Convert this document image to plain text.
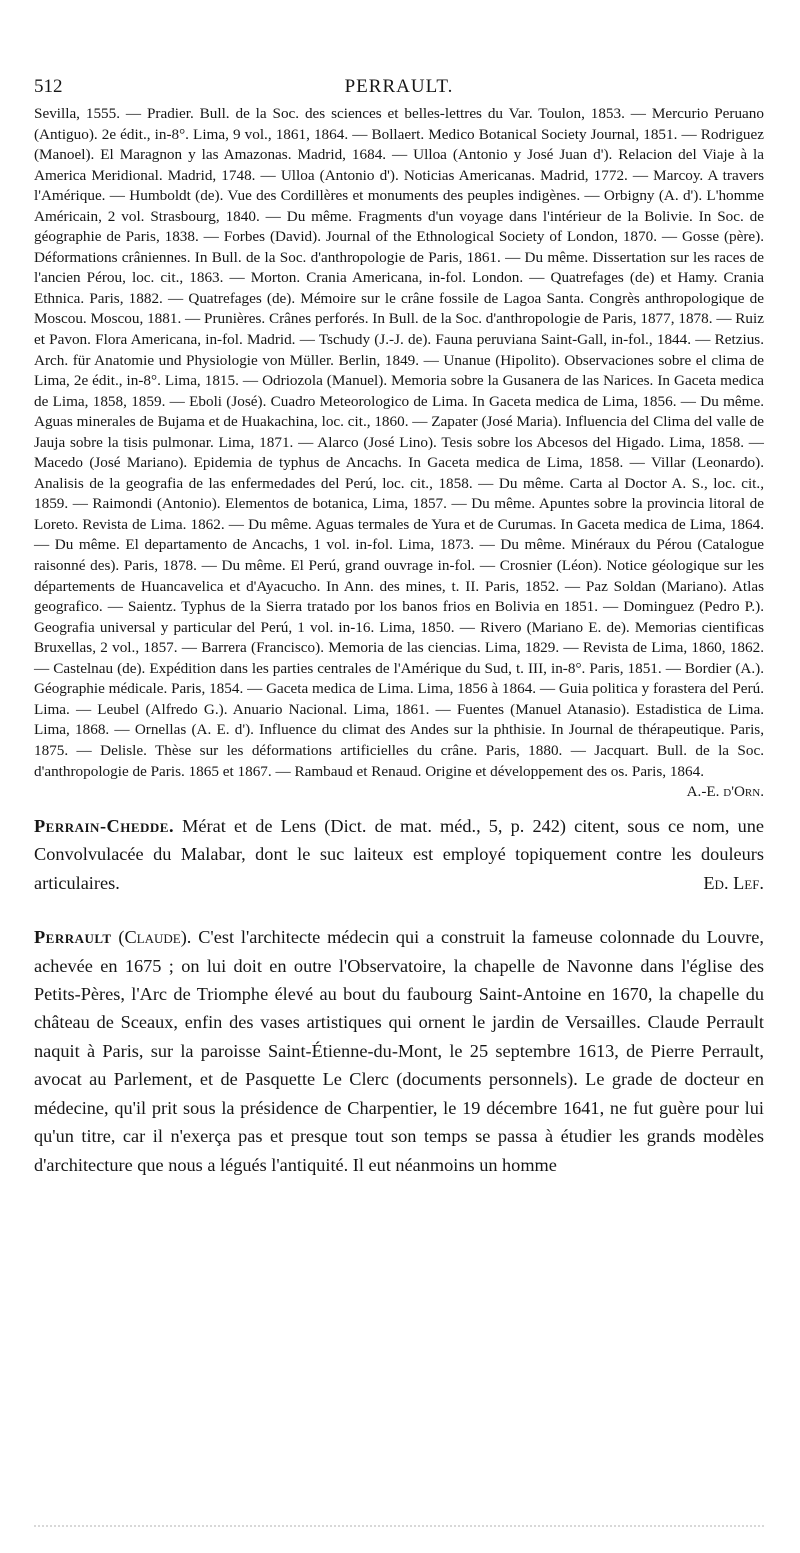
512	PERRAULT.

Sevilla, 1555. — Pradier. Bull. de la Soc. des sciences et belles-lettres du Var. Toulon, 1853. — Mercurio Peruano (Antiguo). 2e édit., in-8°. Lima, 9 vol., 1861, 1864. — Bollaert. Medico Botanical Society Journal, 1851. — Rodriguez (Manoel). El Maragnon y las Amazonas. Madrid, 1684. — Ulloa (Antonio y José Juan d'). Relacion del Viaje à la America Meridional. Madrid, 1748. — Ulloa (Antonio d'). Noticias Americanas. Madrid, 1772. — Marcoy. A travers l'Amérique. — Humboldt (de). Vue des Cordillères et monuments des peuples indigènes. — Orbigny (A. d'). L'homme Américain, 2 vol. Strasbourg, 1840. — Du même. Fragments d'un voyage dans l'intérieur de la Bolivie. In Soc. de géographie de Paris, 1838. — Forbes (David). Journal of the Ethnological Society of London, 1870. — Gosse (père). Déformations crâniennes. In Bull. de la Soc. d'anthropologie de Paris, 1861. — Du même. Dissertation sur les races de l'ancien Pérou, loc. cit., 1863. — Morton. Crania Americana, in-fol. London. — Quatrefages (de) et Hamy. Crania Ethnica. Paris, 1882. — Quatrefages (de). Mémoire sur le crâne fossile de Lagoa Santa. Congrès anthropologique de Moscou. Moscou, 1881. — Prunières. Crânes perforés. In Bull. de la Soc. d'anthropologie de Paris, 1877, 1878. — Ruiz et Pavon. Flora Americana, in-fol. Madrid. — Tschudy (J.-J. de). Fauna peruviana Saint-Gall, in-fol., 1844. — Retzius. Arch. für Anatomie und Physiologie von Müller. Berlin, 1849. — Unanue (Hipolito). Observaciones sobre el clima de Lima, 2e édit., in-8°. Lima, 1815. — Odriozola (Manuel). Memoria sobre la Gusanera de las Narices. In Gaceta medica de Lima, 1858, 1859. — Eboli (José). Cuadro Meteorologico de Lima. In Gaceta medica de Lima, 1856. — Du même. Aguas minerales de Bujama et de Huakachina, loc. cit., 1860. — Zapater (José Maria). Influencia del Clima del valle de Jauja sobre la tisis pulmonar. Lima, 1871. — Alarco (José Lino). Tesis sobre los Abcesos del Higado. Lima, 1858. — Macedo (José Mariano). Epidemia de typhus de Ancachs. In Gaceta medica de Lima, 1858. — Villar (Leonardo). Analisis de la geografia de las enfermedades del Perú, loc. cit., 1858. — Du même. Carta al Doctor A. S., loc. cit., 1859. — Raimondi (Antonio). Elementos de botanica, Lima, 1857. — Du même. Apuntes sobre la provincia litoral de Loreto. Revista de Lima. 1862. — Du même. Aguas termales de Yura et de Curumas. In Gaceta medica de Lima, 1864. — Du même. El departamento de Ancachs, 1 vol. in-fol. Lima, 1873. — Du même. Minéraux du Pérou (Catalogue raisonné des). Paris, 1878. — Du même. El Perú, grand ouvrage in-fol. — Crosnier (Léon). Notice géologique sur les départements de Huancavelica et d'Ayacucho. In Ann. des mines, t. II. Paris, 1852. — Paz Soldan (Mariano). Atlas geografico. — Saientz. Typhus de la Sierra tratado por los banos frios en Bolivia en 1851. — Dominguez (Pedro P.). Geografia universal y particular del Perú, 1 vol. in-16. Lima, 1850. — Rivero (Mariano E. de). Memorias cientificas Bruxellas, 2 vol., 1857. — Barrera (Francisco). Memoria de las ciencias. Lima, 1829. — Revista de Lima, 1860, 1862. — Castelnau (de). Expédition dans les parties centrales de l'Amérique du Sud, t. III, in-8°. Paris, 1851. — Bordier (A.). Géographie médicale. Paris, 1854. — Gaceta medica de Lima. Lima, 1856 à 1864. — Guia politica y forastera del Perú. Lima. — Leubel (Alfredo G.). Anuario Nacional. Lima, 1861. — Fuentes (Manuel Atanasio). Estadistica de Lima. Lima, 1868. — Ornellas (A. E. d'). Influence du climat des Andes sur la phthisie. In Journal de thérapeutique. Paris, 1875. — Delisle. Thèse sur les déformations artificielles du crâne. Paris, 1880. — Jacquart. Bull. de la Soc. d'anthropologie de Paris. 1865 et 1867. — Rambaud et Renaud. Origine et développement des os. Paris, 1864.
A.-E. d'Orn.

Perrain-Chedde. Mérat et de Lens (Dict. de mat. méd., 5, p. 242) citent, sous ce nom, une Convolvulacée du Malabar, dont le suc laiteux est employé topiquement contre les douleurs articulaires.	Ed. Lef.

Perrault (Claude). C'est l'architecte médecin qui a construit la fameuse colonnade du Louvre, achevée en 1675 ; on lui doit en outre l'Observatoire, la chapelle de Navonne dans l'église des Petits-Pères, l'Arc de Triomphe élevé au bout du faubourg Saint-Antoine en 1670, la chapelle du château de Sceaux, enfin des vases artistiques qui ornent le jardin de Versailles. Claude Perrault naquit à Paris, sur la paroisse Saint-Étienne-du-Mont, le 25 septembre 1613, de Pierre Perrault, avocat au Parlement, et de Pasquette Le Clerc (documents personnels). Le grade de docteur en médecine, qu'il prit sous la présidence de Charpentier, le 19 décembre 1641, ne fut guère pour lui qu'un titre, car il n'exerça pas et presque tout son temps se passa à étudier les grands modèles d'architecture que nous a légués l'antiquité. Il eut néanmoins un homme
